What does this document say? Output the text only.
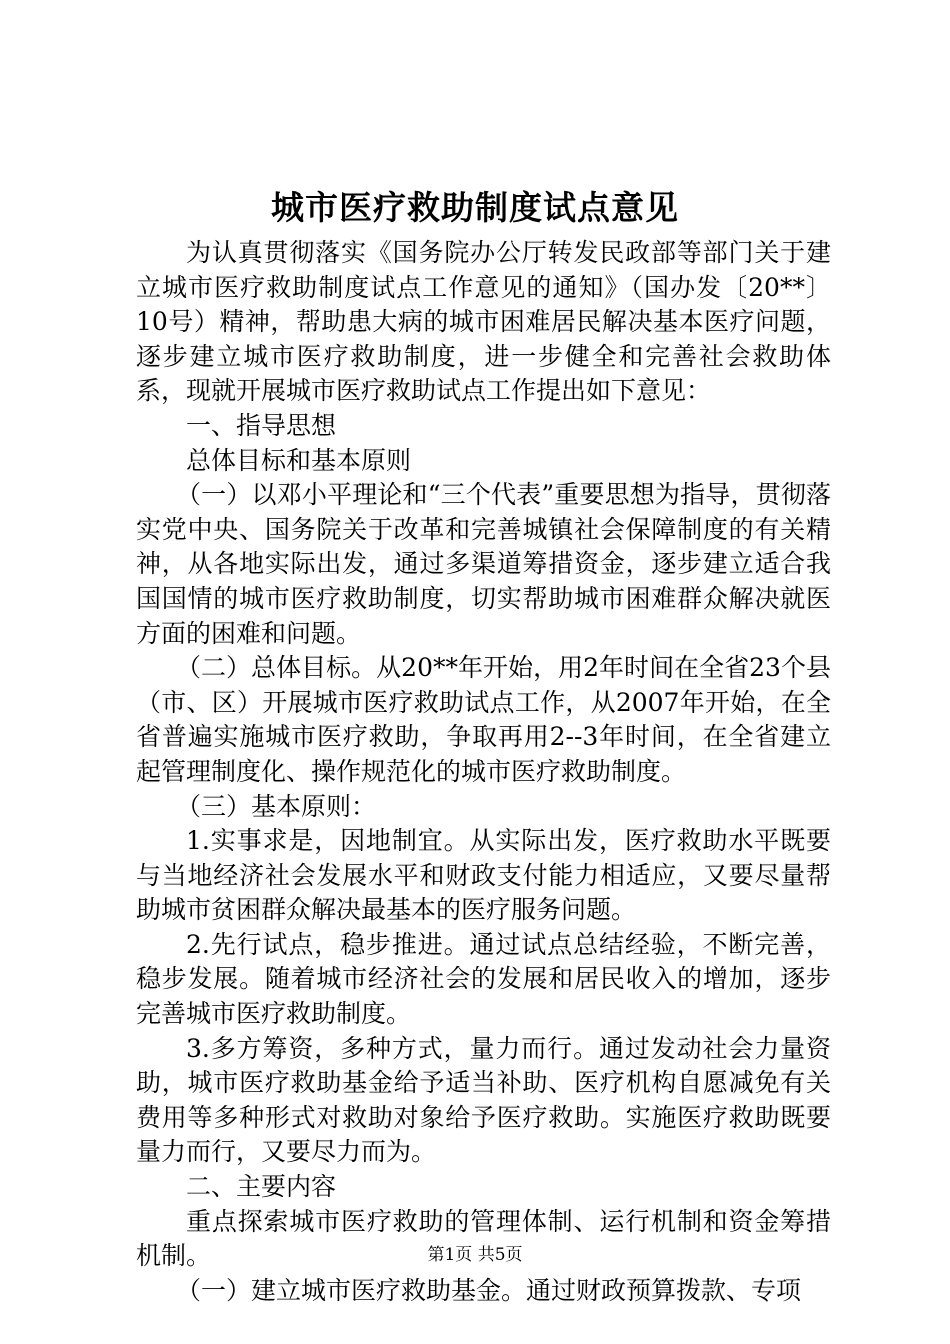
城市医疗救助制度试点意见

为认真贯彻落实《国务院办公厅转发民政部等部门关于建立城市医疗救助制度试点工作意见的通知》（国办发〔20**〕10号）精神，帮助患大病的城市困难居民解决基本医疗问题，逐步建立城市医疗救助制度，进一步健全和完善社会救助体系，现就开展城市医疗救助试点工作提出如下意见：

一、指导思想

总体目标和基本原则

（一）以邓小平理论和“三个代表”重要思想为指导，贯彻落实党中央、国务院关于改革和完善城镇社会保障制度的有关精神，从各地实际出发，通过多渠道筹措资金，逐步建立适合我国国情的城市医疗救助制度，切实帮助城市困难群众解决就医方面的困难和问题。

（二）总体目标。从20**年开始，用2年时间在全省23个县（市、区）开展城市医疗救助试点工作，从2007年开始，在全省普遍实施城市医疗救助，争取再用2--3年时间，在全省建立起管理制度化、操作规范化的城市医疗救助制度。

（三）基本原则：

1.实事求是，因地制宜。从实际出发，医疗救助水平既要与当地经济社会发展水平和财政支付能力相适应，又要尽量帮助城市贫困群众解决最基本的医疗服务问题。

2.先行试点，稳步推进。通过试点总结经验，不断完善，稳步发展。随着城市经济社会的发展和居民收入的增加，逐步完善城市医疗救助制度。

3.多方筹资，多种方式，量力而行。通过发动社会力量资助，城市医疗救助基金给予适当补助、医疗机构自愿减免有关费用等多种形式对救助对象给予医疗救助。实施医疗救助既要量力而行，又要尽力而为。

二、主要内容

重点探索城市医疗救助的管理体制、运行机制和资金筹措机制。

（一）建立城市医疗救助基金。通过财政预算拨款、专项

第1页 共5页
